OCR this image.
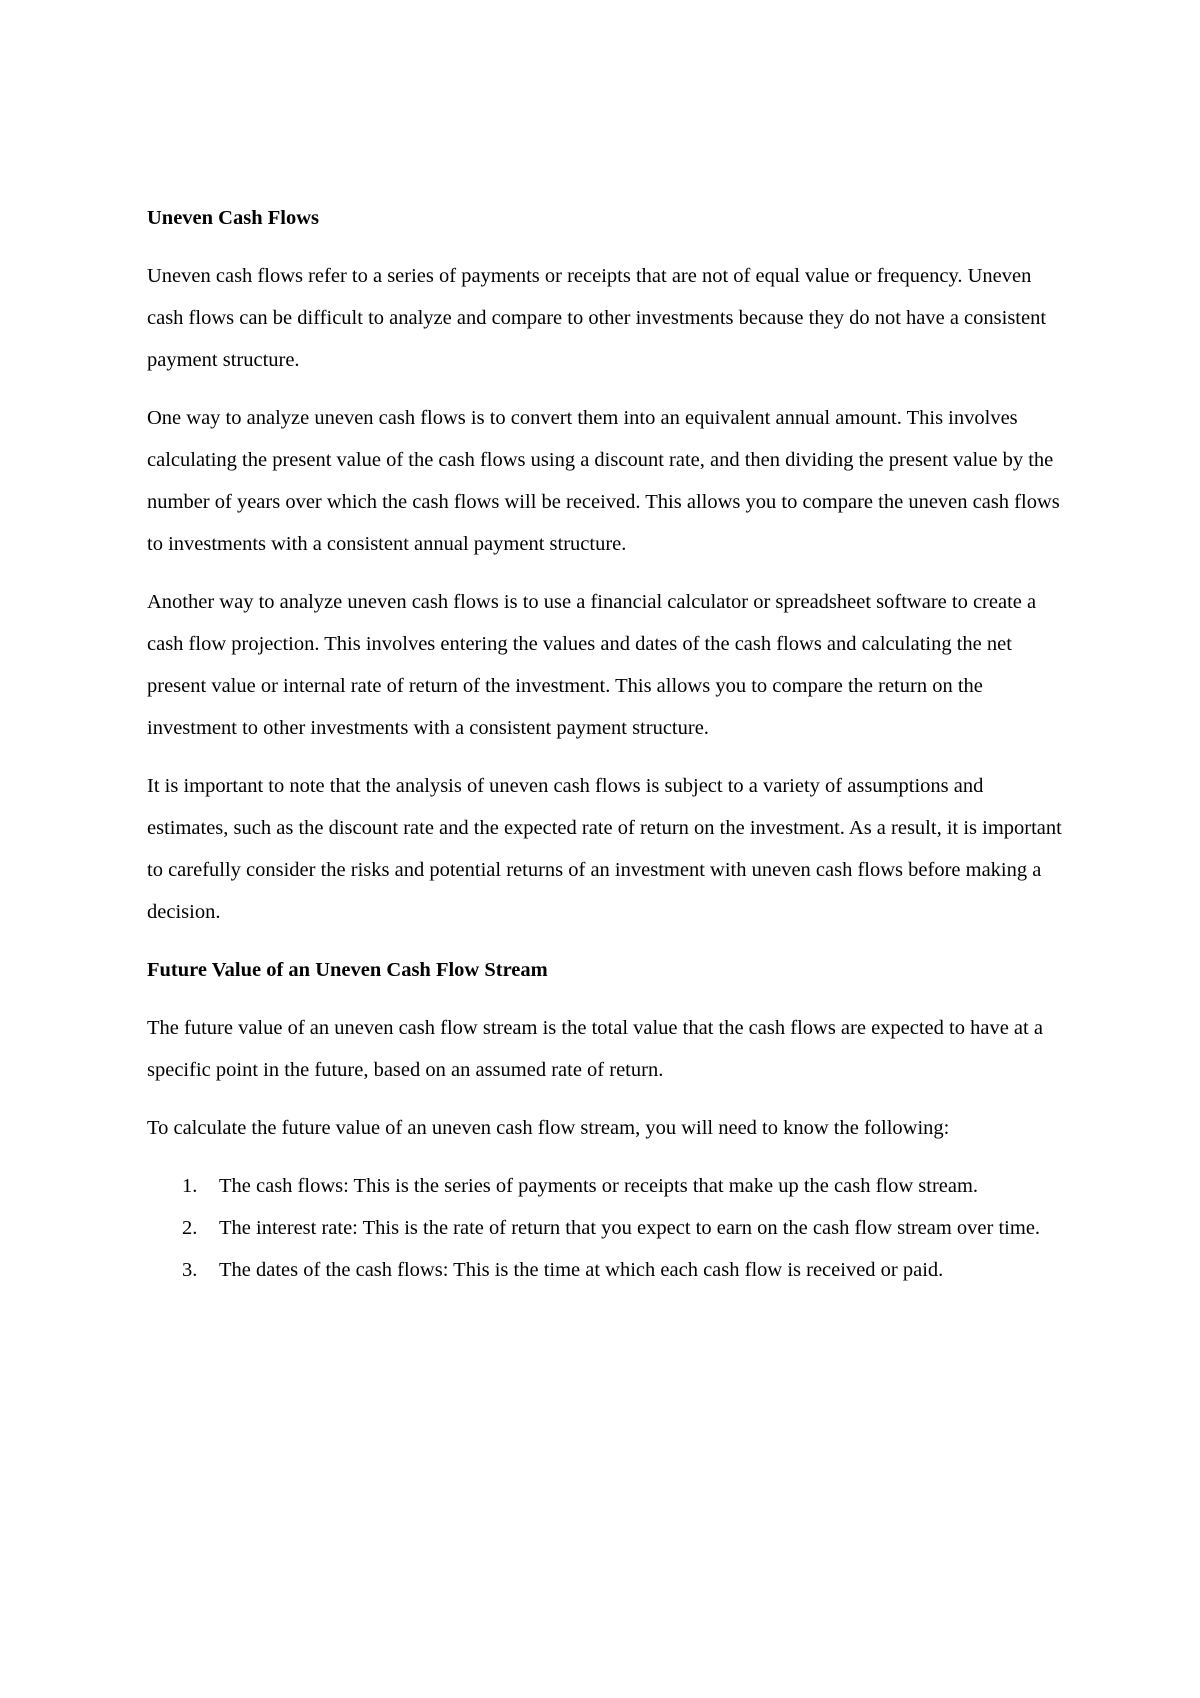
Uneven Cash Flows

Uneven cash flows refer to a series of payments or receipts that are not of equal value or frequency. Uneven cash flows can be difficult to analyze and compare to other investments because they do not have a consistent payment structure.

One way to analyze uneven cash flows is to convert them into an equivalent annual amount. This involves calculating the present value of the cash flows using a discount rate, and then dividing the present value by the number of years over which the cash flows will be received. This allows you to compare the uneven cash flows to investments with a consistent annual payment structure.

Another way to analyze uneven cash flows is to use a financial calculator or spreadsheet software to create a cash flow projection. This involves entering the values and dates of the cash flows and calculating the net present value or internal rate of return of the investment. This allows you to compare the return on the investment to other investments with a consistent payment structure.

It is important to note that the analysis of uneven cash flows is subject to a variety of assumptions and estimates, such as the discount rate and the expected rate of return on the investment. As a result, it is important to carefully consider the risks and potential returns of an investment with uneven cash flows before making a decision.

Future Value of an Uneven Cash Flow Stream

The future value of an uneven cash flow stream is the total value that the cash flows are expected to have at a specific point in the future, based on an assumed rate of return.

To calculate the future value of an uneven cash flow stream, you will need to know the following:

1. The cash flows: This is the series of payments or receipts that make up the cash flow stream.
2. The interest rate: This is the rate of return that you expect to earn on the cash flow stream over time.
3. The dates of the cash flows: This is the time at which each cash flow is received or paid.
